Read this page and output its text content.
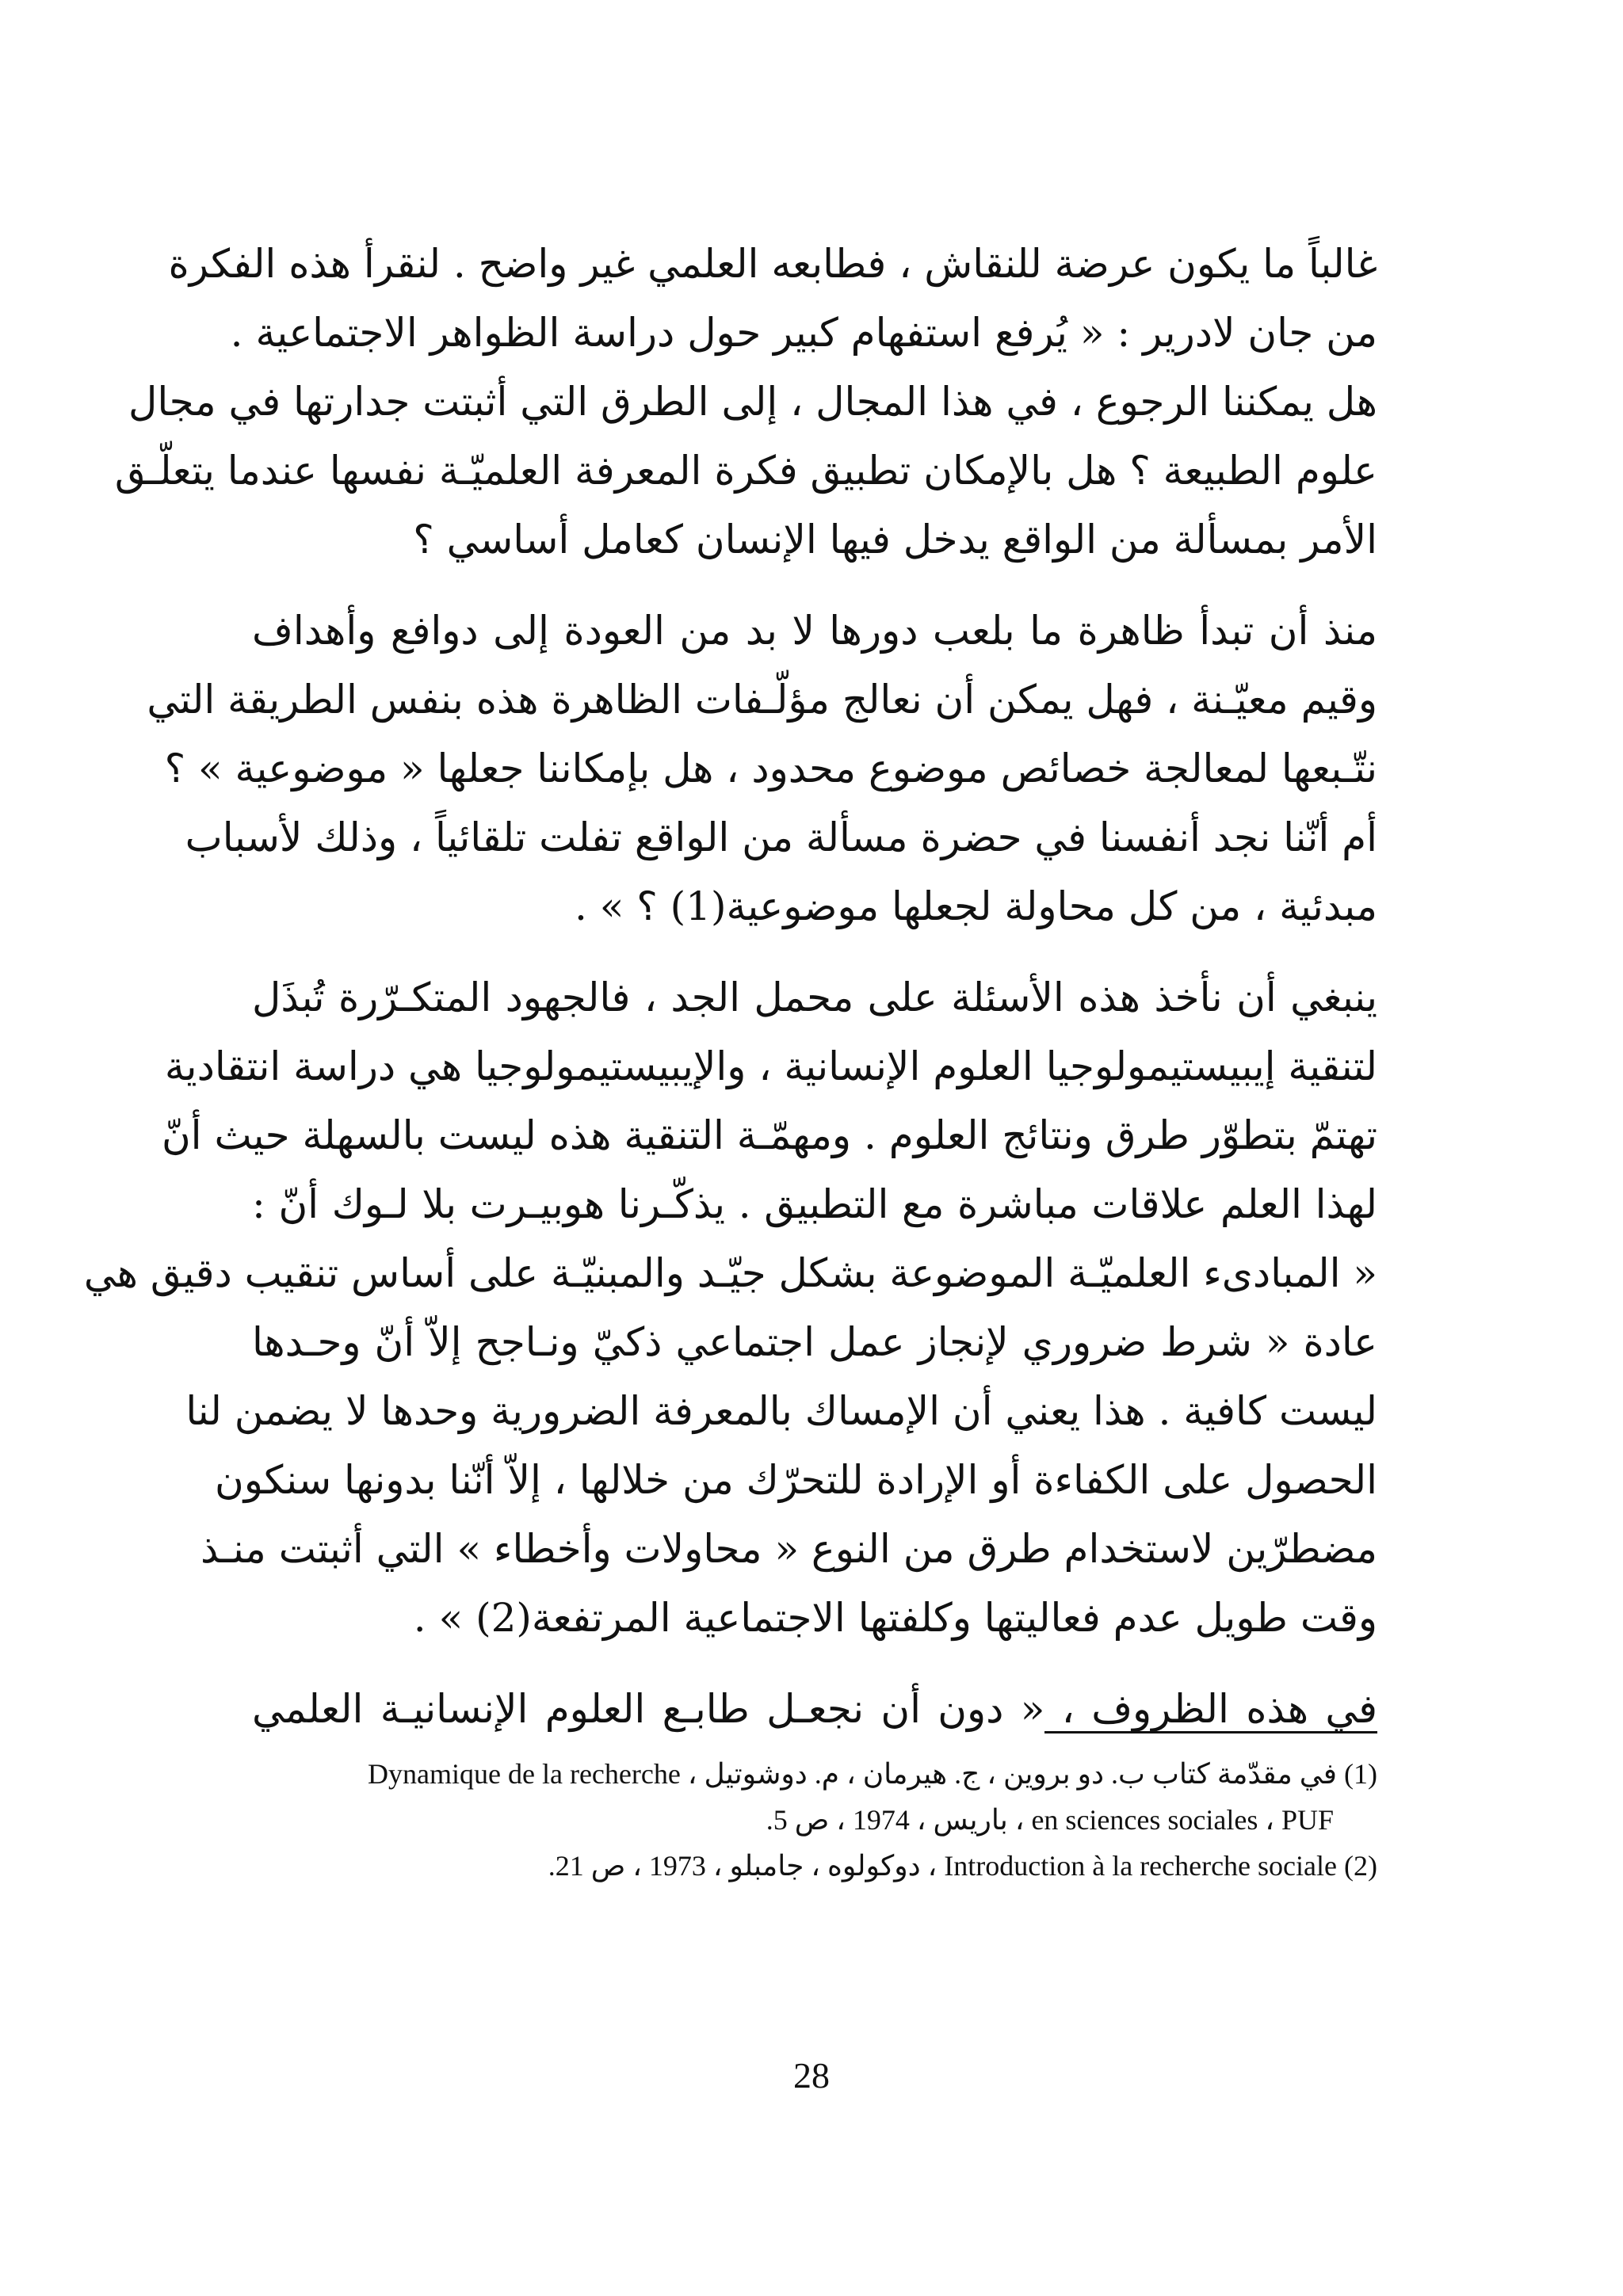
غالباً ما يكون عرضة للنقاش ، فطابعه العلمي غير واضح . لنقرأ هذه الفكرة
من جان لادرير : « يُرفع استفهام كبير حول دراسة الظواهر الاجتماعية .
هل يمكننا الرجوع ، في هذا المجال ، إلى الطرق التي أثبتت جدارتها في مجال
علوم الطبيعة ؟ هل بالإمكان تطبيق فكرة المعرفة العلميّـة نفسها عندما يتعلّـق
الأمر بمسألة من الواقع يدخل فيها الإنسان كعامل أساسي ؟

منذ أن تبدأ ظاهرة ما بلعب دورها لا بد من العودة إلى دوافع وأهداف
وقيم معيّـنة ، فهل يمكن أن نعالج مؤلّـفات الظاهرة هذه بنفس الطريقة التي
نتّـبعها لمعالجة خصائص موضوع محدود ، هل بإمكاننا جعلها « موضوعية » ؟
أم أنّنا نجد أنفسنا في حضرة مسألة من الواقع تفلت تلقائياً ، وذلك لأسباب
مبدئية ، من كل محاولة لجعلها موضوعية(1) ؟ » .

ينبغي أن نأخذ هذه الأسئلة على محمل الجد ، فالجهود المتكـرّرة تُبذَل
لتنقية إيبيستيمولوجيا العلوم الإنسانية ، والإيبيستيمولوجيا هي دراسة انتقادية
تهتمّ بتطوّر طرق ونتائج العلوم . ومهمّـة التنقية هذه ليست بالسهلة حيث أنّ
لهذا العلم علاقات مباشرة مع التطبيق . يذكّـرنا هوبيـرت بلا لـوك أنّ :
« المبادىء العلميّـة الموضوعة بشكل جيّـد والمبنيّـة على أساس تنقيب دقيق هي
عادة « شرط ضروري لإنجاز عمل اجتماعي ذكيّ ونـاجح إلاّ أنّ وحـدها
ليست كافية . هذا يعني أن الإمساك بالمعرفة الضرورية وحدها لا يضمن لنا
الحصول على الكفاءة أو الإرادة للتحرّك من خلالها ، إلاّ أنّنا بدونها سنكون
مضطرّين لاستخدام طرق من النوع « محاولات وأخطاء » التي أثبتت منـذ
وقت طويل عدم فعاليتها وكلفتها الاجتماعية المرتفعة(2) » .

في هذه الظروف ، « دون أن نجعـل طابـع العلوم الإنسانيـة العلمي

(1) في مقدّمة كتاب ب. دو بروين ، ج. هيرمان ، م. دوشوتيل ، Dynamique de la recherche
en sciences sociales ، PUF ، باريس ، 1974 ، ص 5.
(2) Introduction à la recherche sociale ، دوكولوه ، جامبلو ، 1973 ، ص 21.
28
